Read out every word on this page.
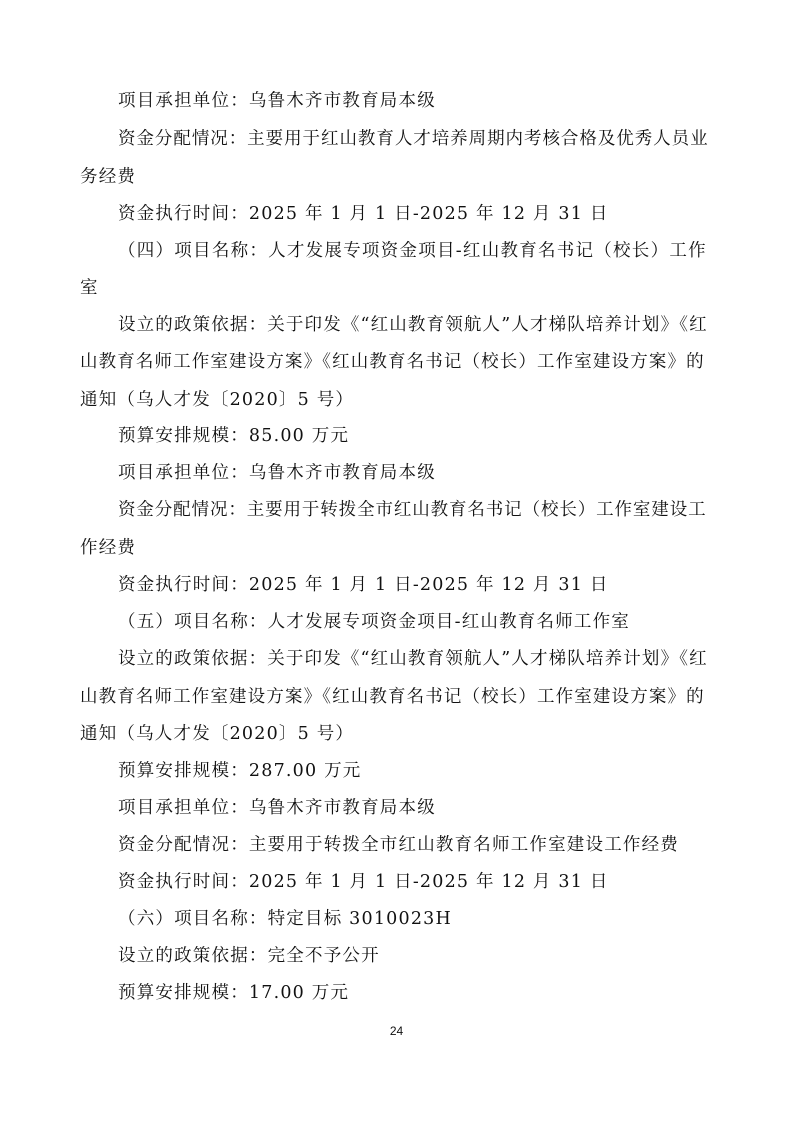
项目承担单位：乌鲁木齐市教育局本级
资金分配情况：主要用于红山教育人才培养周期内考核合格及优秀人员业
务经费
资金执行时间：2025 年 1 月 1 日-2025 年 12 月 31 日
（四）项目名称：人才发展专项资金项目-红山教育名书记（校长）工作
室
设立的政策依据：关于印发《“红山教育领航人”人才梯队培养计划》《红
山教育名师工作室建设方案》《红山教育名书记（校长）工作室建设方案》的
通知（乌人才发〔2020〕5 号）
预算安排规模：85.00 万元
项目承担单位：乌鲁木齐市教育局本级
资金分配情况：主要用于转拨全市红山教育名书记（校长）工作室建设工
作经费
资金执行时间：2025 年 1 月 1 日-2025 年 12 月 31 日
（五）项目名称：人才发展专项资金项目-红山教育名师工作室
设立的政策依据：关于印发《“红山教育领航人”人才梯队培养计划》《红
山教育名师工作室建设方案》《红山教育名书记（校长）工作室建设方案》的
通知（乌人才发〔2020〕5 号）
预算安排规模：287.00 万元
项目承担单位：乌鲁木齐市教育局本级
资金分配情况：主要用于转拨全市红山教育名师工作室建设工作经费
资金执行时间：2025 年 1 月 1 日-2025 年 12 月 31 日
（六）项目名称：特定目标 3010023H
设立的政策依据：完全不予公开
预算安排规模：17.00 万元
24
